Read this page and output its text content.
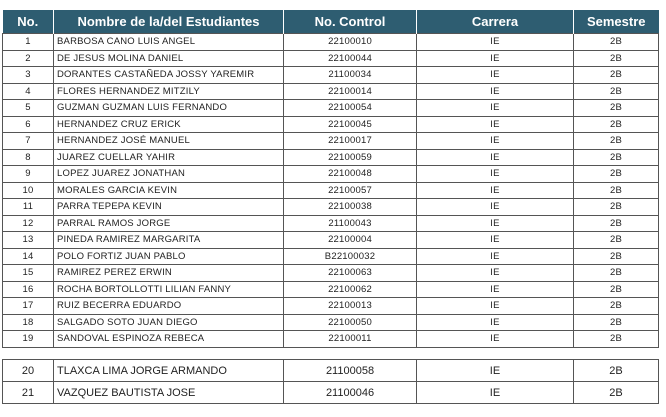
No.	Nombre de la/del Estudiantes	No. Control	Carrera	Semestre
1	BARBOSA CANO LUIS ANGEL	22100010	IE	2B
2	DE JESUS MOLINA DANIEL	22100044	IE	2B
3	DORANTES CASTAÑEDA JOSSY YAREMIR	21100034	IE	2B
4	FLORES HERNANDEZ MITZILY	22100014	IE	2B
5	GUZMAN GUZMAN LUIS FERNANDO	22100054	IE	2B
6	HERNANDEZ CRUZ ERICK	22100045	IE	2B
7	HERNANDEZ JOSÉ MANUEL	22100017	IE	2B
8	JUAREZ CUELLAR YAHIR	22100059	IE	2B
9	LOPEZ JUAREZ JONATHAN	22100048	IE	2B
10	MORALES GARCIA KEVIN	22100057	IE	2B
11	PARRA TEPEPA KEVIN	22100038	IE	2B
12	PARRAL RAMOS JORGE	21100043	IE	2B
13	PINEDA RAMIREZ MARGARITA	22100004	IE	2B
14	POLO FORTIZ JUAN PABLO	B22100032	IE	2B
15	RAMIREZ PEREZ ERWIN	22100063	IE	2B
16	ROCHA BORTOLLOTTI LILIAN FANNY	22100062	IE	2B
17	RUIZ BECERRA EDUARDO	22100013	IE	2B
18	SALGADO SOTO JUAN DIEGO	22100050	IE	2B
19	SANDOVAL ESPINOZA REBECA	22100011	IE	2B
20	TLAXCA LIMA JORGE ARMANDO	21100058	IE	2B
21	VAZQUEZ BAUTISTA JOSE	21100046	IE	2B
